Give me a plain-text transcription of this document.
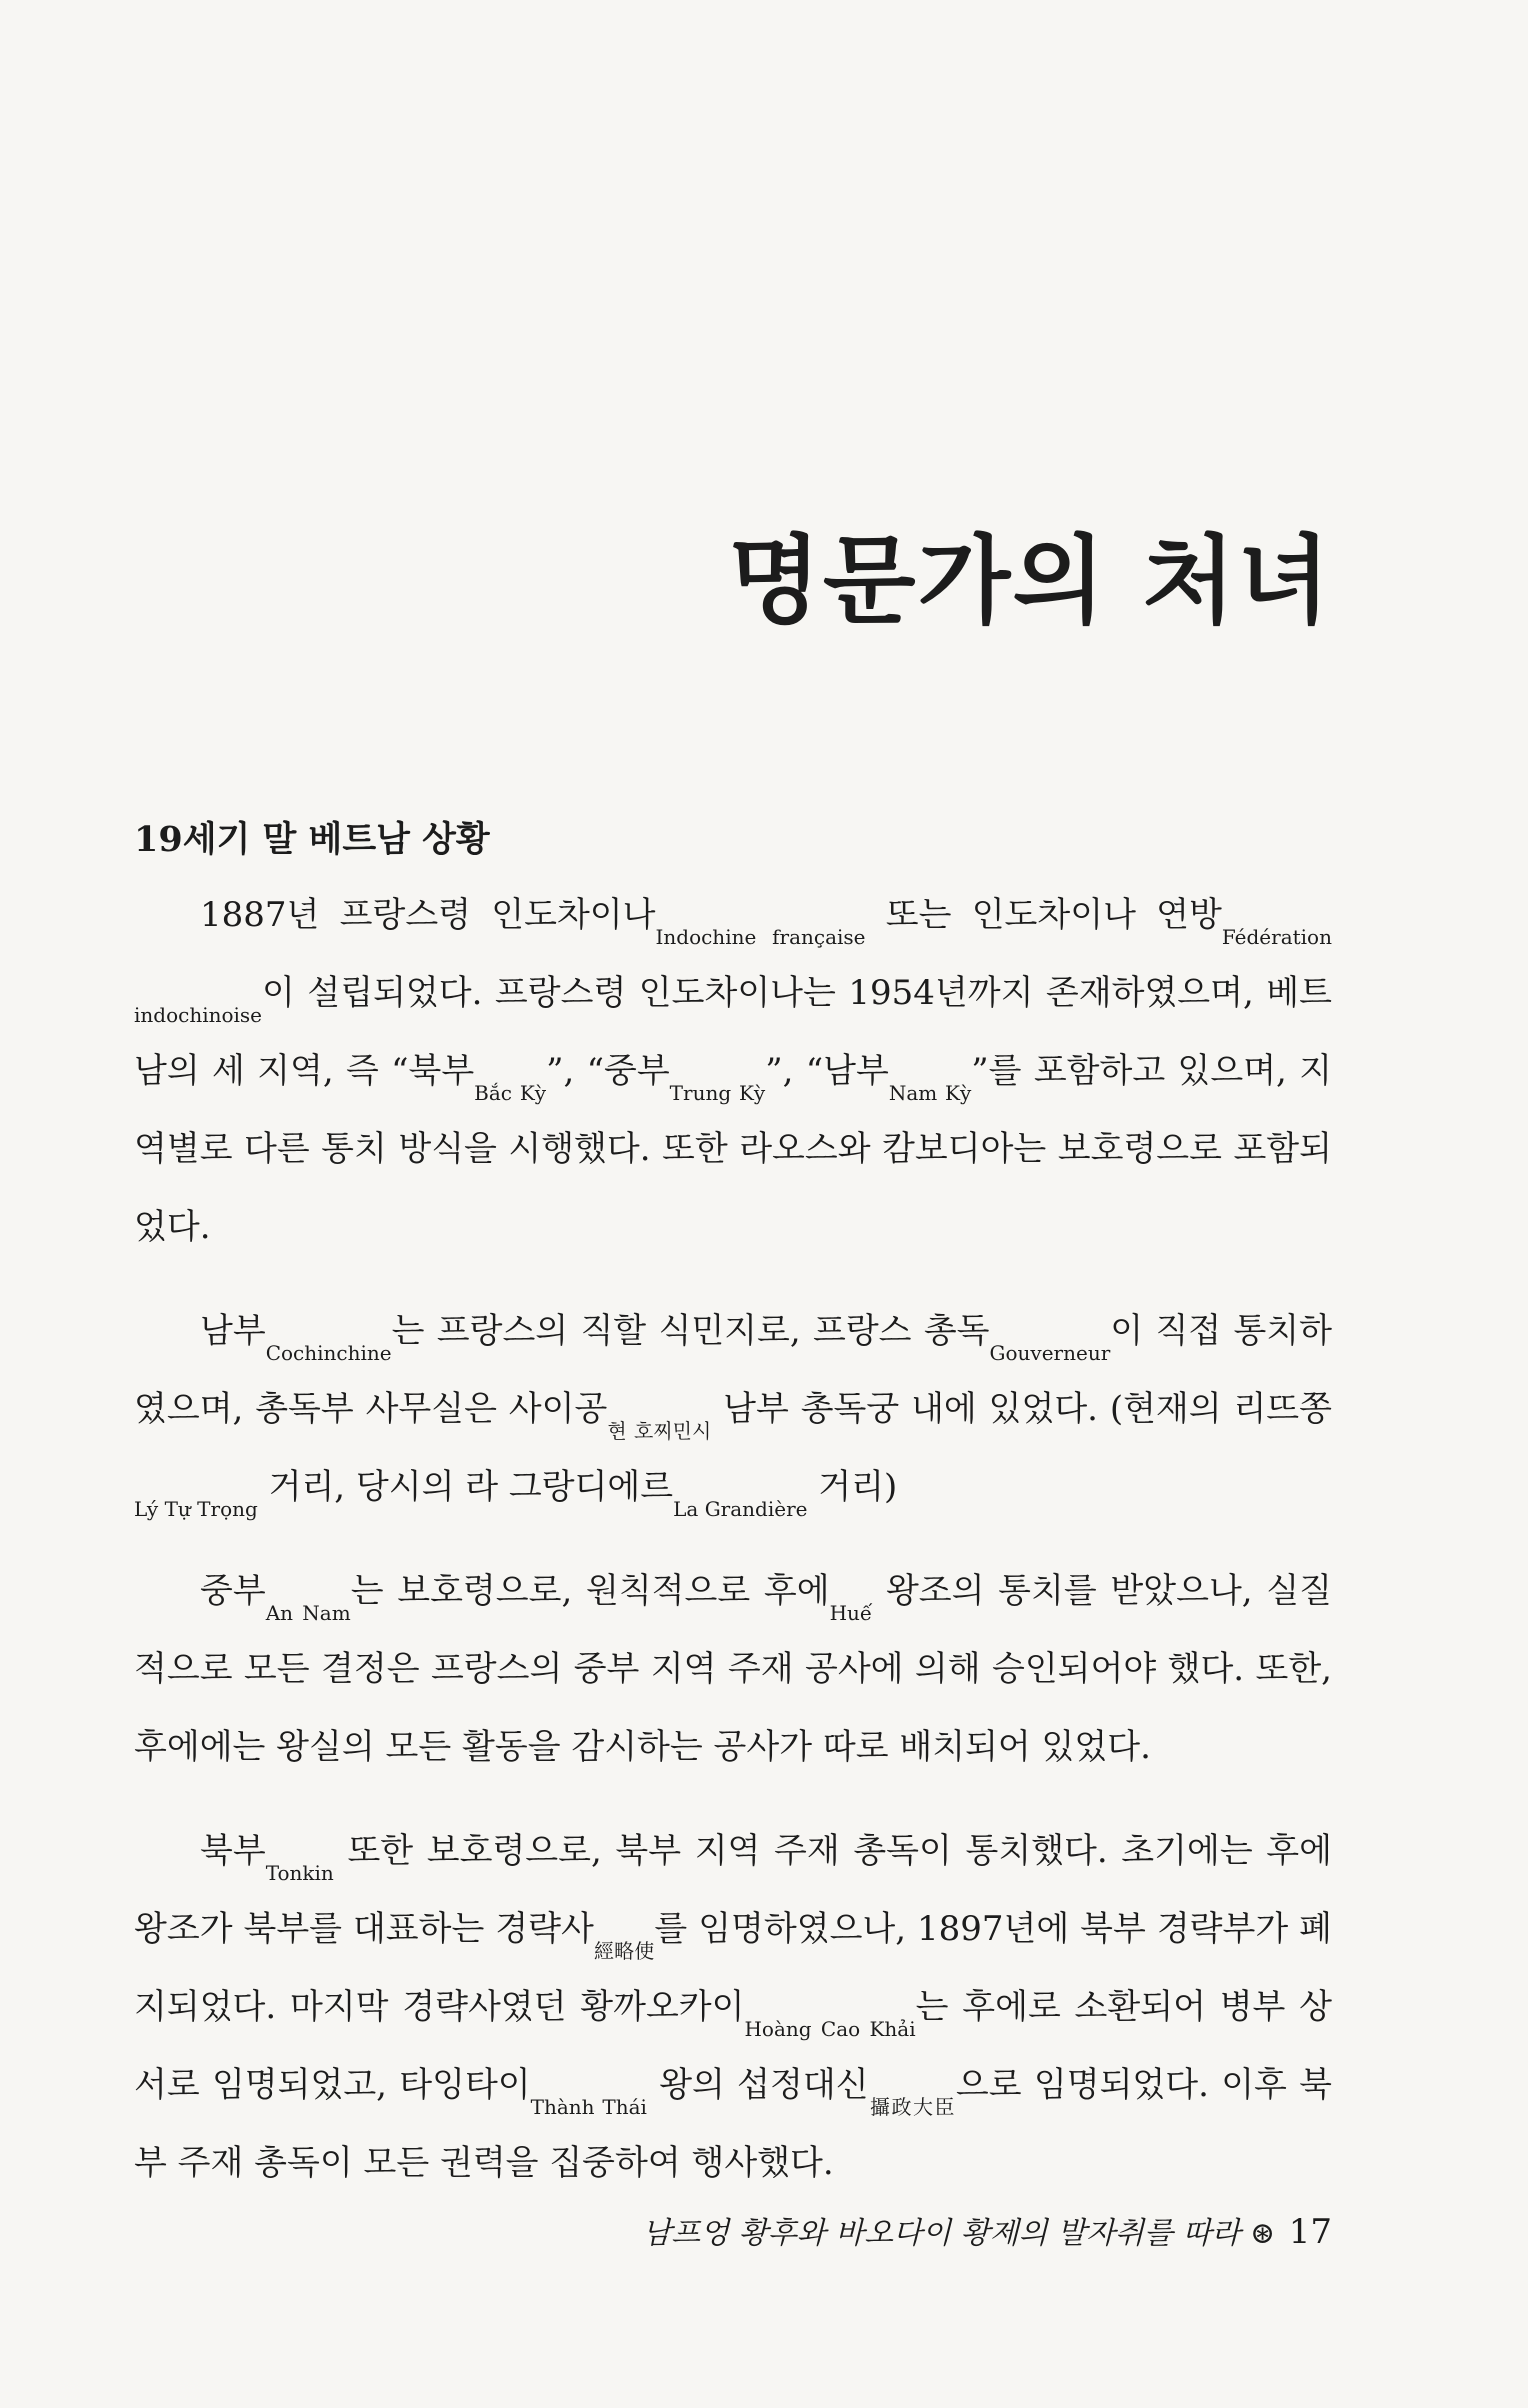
명문가의 처녀
19세기 말 베트남 상황

1887년 프랑스령 인도차이나$_{Indochine française}$ 또는 인도차이나 연방$_{Fédération indochinoise}$이 설립되었다. 프랑스령 인도차이나는 1954년까지 존재하였으며, 베트남의 세 지역, 즉 “북부$_{Bắc Kỳ}$”, “중부$_{Trung Kỳ}$”, “남부$_{Nam Kỳ}$”를 포함하고 있으며, 지역별로 다른 통치 방식을 시행했다. 또한 라오스와 캄보디아는 보호령으로 포함되었다.

남부$_{Cochinchine}$는 프랑스의 직할 식민지로, 프랑스 총독$_{Gouverneur}$이 직접 통치하였으며, 총독부 사무실은 사이공$_{현 호찌민시}$ 남부 총독궁 내에 있었다. (현재의 리뜨쫑$_{Lý Tự Trọng}$ 거리, 당시의 라 그랑디에르$_{La Grandière}$ 거리)

중부$_{An Nam}$는 보호령으로, 원칙적으로 후에$_{Huế}$ 왕조의 통치를 받았으나, 실질적으로 모든 결정은 프랑스의 중부 지역 주재 공사에 의해 승인되어야 했다. 또한, 후에에는 왕실의 모든 활동을 감시하는 공사가 따로 배치되어 있었다.

북부$_{Tonkin}$ 또한 보호령으로, 북부 지역 주재 총독이 통치했다. 초기에는 후에 왕조가 북부를 대표하는 경략사$_{經略使}$를 임명하였으나, 1897년에 북부 경략부가 폐지되었다. 마지막 경략사였던 황까오카이$_{Hoàng Cao Khải}$는 후에로 소환되어 병부 상서로 임명되었고, 타잉타이$_{Thành Thái}$ 왕의 섭정대신$_{攝政大臣}$으로 임명되었다. 이후 북부 주재 총독이 모든 권력을 집중하여 행사했다.

남프엉 황후와 바오다이 황제의 발자취를 따라 ⊛ 17
